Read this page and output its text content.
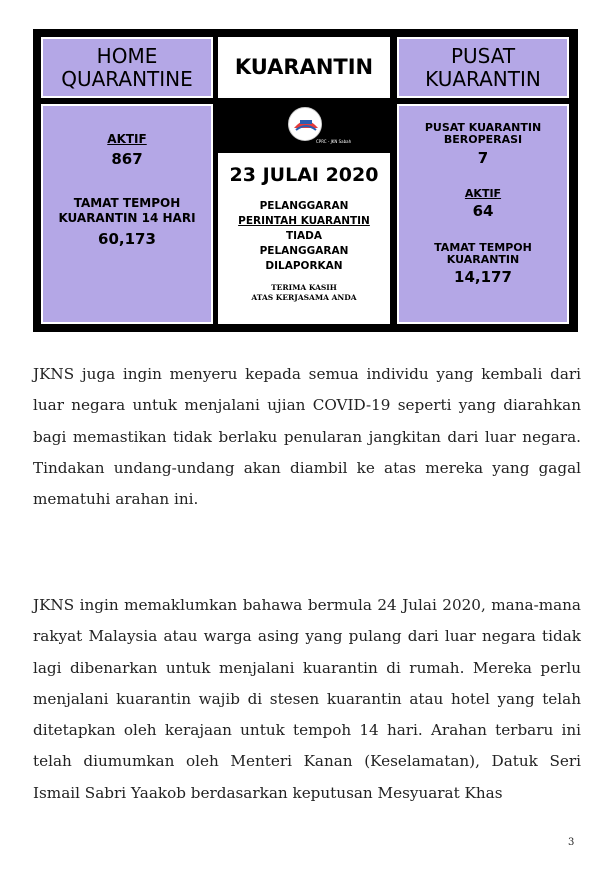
HOME QUARANTINE	KUARANTIN	PUSAT KUARANTIN
AKTIF
867
TAMAT TEMPOH KUARANTIN 14 HARI
60,173
CPRC - JKN Sabah
23 JULAI 2020
PELANGGARAN
PERINTAH KUARANTIN
TIADA
PELANGGARAN
DILAPORKAN
TERIMA KASIH
ATAS KERJASAMA ANDA
PUSAT KUARANTIN BEROPERASI
7
AKTIF
64
TAMAT TEMPOH KUARANTIN
14,177

JKNS juga ingin menyeru kepada semua individu yang kembali dari luar negara untuk menjalani ujian COVID-19 seperti yang diarahkan bagi memastikan tidak berlaku penularan jangkitan dari luar negara. Tindakan undang-undang akan diambil ke atas mereka yang gagal mematuhi arahan ini.

JKNS ingin memaklumkan bahawa bermula 24 Julai 2020, mana-mana rakyat Malaysia atau warga asing yang pulang dari luar negara tidak lagi dibenarkan untuk menjalani kuarantin di rumah. Mereka perlu menjalani kuarantin wajib di stesen kuarantin atau hotel yang telah ditetapkan oleh kerajaan untuk tempoh 14 hari. Arahan terbaru ini telah diumumkan oleh Menteri Kanan (Keselamatan), Datuk Seri Ismail Sabri Yaakob berdasarkan keputusan Mesyuarat Khas

3
